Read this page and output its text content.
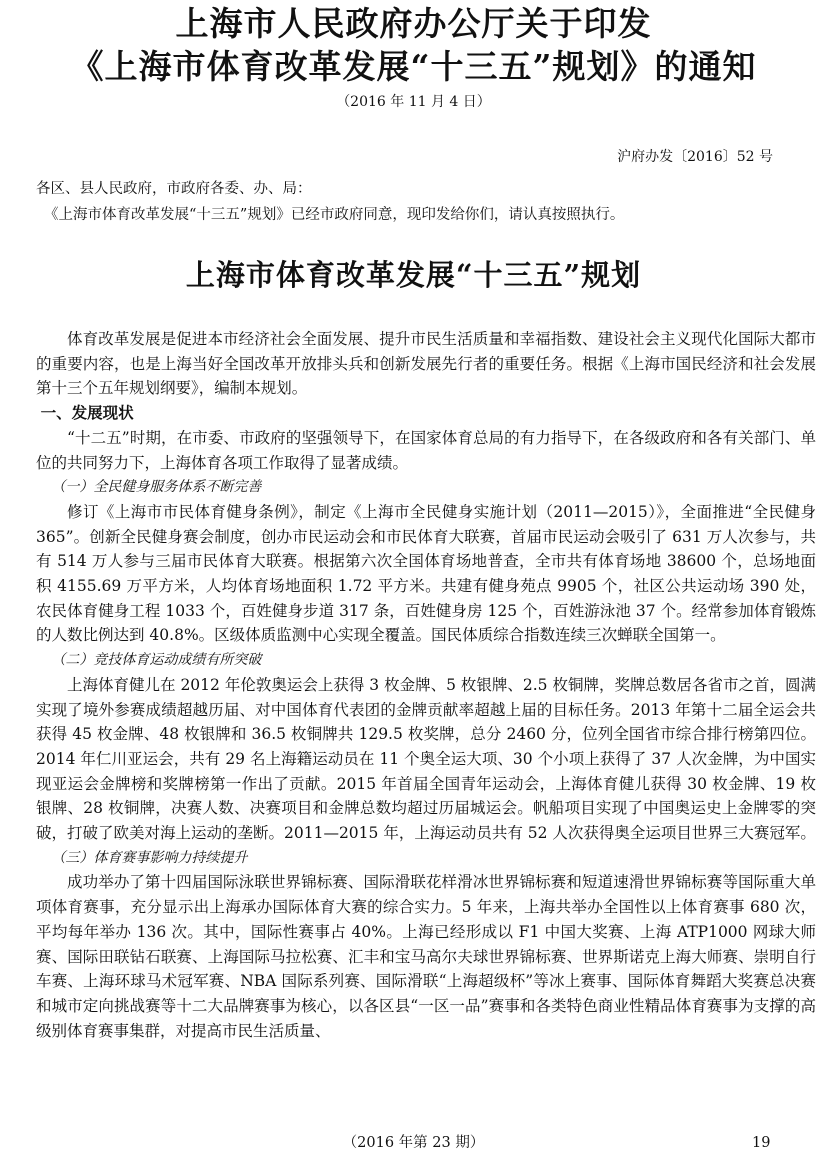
上海市人民政府办公厅关于印发
《上海市体育改革发展“十三五”规划》的通知
（2016 年 11 月 4 日）
沪府办发〔2016〕52 号
各区、县人民政府，市政府各委、办、局：
《上海市体育改革发展“十三五”规划》已经市政府同意，现印发给你们，请认真按照执行。
上海市体育改革发展“十三五”规划

体育改革发展是促进本市经济社会全面发展、提升市民生活质量和幸福指数、建设社会主义现代化国际大都市的重要内容，也是上海当好全国改革开放排头兵和创新发展先行者的重要任务。根据《上海市国民经济和社会发展第十三个五年规划纲要》，编制本规划。

一、发展现状

“十二五”时期，在市委、市政府的坚强领导下，在国家体育总局的有力指导下，在各级政府和各有关部门、单位的共同努力下，上海体育各项工作取得了显著成绩。

（一）全民健身服务体系不断完善

修订《上海市市民体育健身条例》，制定《上海市全民健身实施计划（2011—2015）》，全面推进“全民健身 365”。创新全民健身赛会制度，创办市民运动会和市民体育大联赛，首届市民运动会吸引了 631 万人次参与，共有 514 万人参与三届市民体育大联赛。根据第六次全国体育场地普查，全市共有体育场地 38600 个，总场地面积 4155.69 万平方米，人均体育场地面积 1.72 平方米。共建有健身苑点 9905 个，社区公共运动场 390 处，农民体育健身工程 1033 个，百姓健身步道 317 条，百姓健身房 125 个，百姓游泳池 37 个。经常参加体育锻炼的人数比例达到 40.8%。区级体质监测中心实现全覆盖。国民体质综合指数连续三次蝉联全国第一。

（二）竞技体育运动成绩有所突破

上海体育健儿在 2012 年伦敦奥运会上获得 3 枚金牌、5 枚银牌、2.5 枚铜牌，奖牌总数居各省市之首，圆满实现了境外参赛成绩超越历届、对中国体育代表团的金牌贡献率超越上届的目标任务。2013 年第十二届全运会共获得 45 枚金牌、48 枚银牌和 36.5 枚铜牌共 129.5 枚奖牌，总分 2460 分，位列全国省市综合排行榜第四位。2014 年仁川亚运会，共有 29 名上海籍运动员在 11 个奥全运大项、30 个小项上获得了 37 人次金牌，为中国实现亚运会金牌榜和奖牌榜第一作出了贡献。2015 年首届全国青年运动会，上海体育健儿获得 30 枚金牌、19 枚银牌、28 枚铜牌，决赛人数、决赛项目和金牌总数均超过历届城运会。帆船项目实现了中国奥运史上金牌零的突破，打破了欧美对海上运动的垄断。2011—2015 年，上海运动员共有 52 人次获得奥全运项目世界三大赛冠军。

（三）体育赛事影响力持续提升

成功举办了第十四届国际泳联世界锦标赛、国际滑联花样滑冰世界锦标赛和短道速滑世界锦标赛等国际重大单项体育赛事，充分显示出上海承办国际体育大赛的综合实力。5 年来，上海共举办全国性以上体育赛事 680 次，平均每年举办 136 次。其中，国际性赛事占 40%。上海已经形成以 F1 中国大奖赛、上海 ATP1000 网球大师赛、国际田联钻石联赛、上海国际马拉松赛、汇丰和宝马高尔夫球世界锦标赛、世界斯诺克上海大师赛、崇明自行车赛、上海环球马术冠军赛、NBA 国际系列赛、国际滑联“上海超级杯”等冰上赛事、国际体育舞蹈大奖赛总决赛和城市定向挑战赛等十二大品牌赛事为核心，以各区县“一区一品”赛事和各类特色商业性精品体育赛事为支撑的高级别体育赛事集群，对提高市民生活质量、

（2016 年第 23 期）	19
